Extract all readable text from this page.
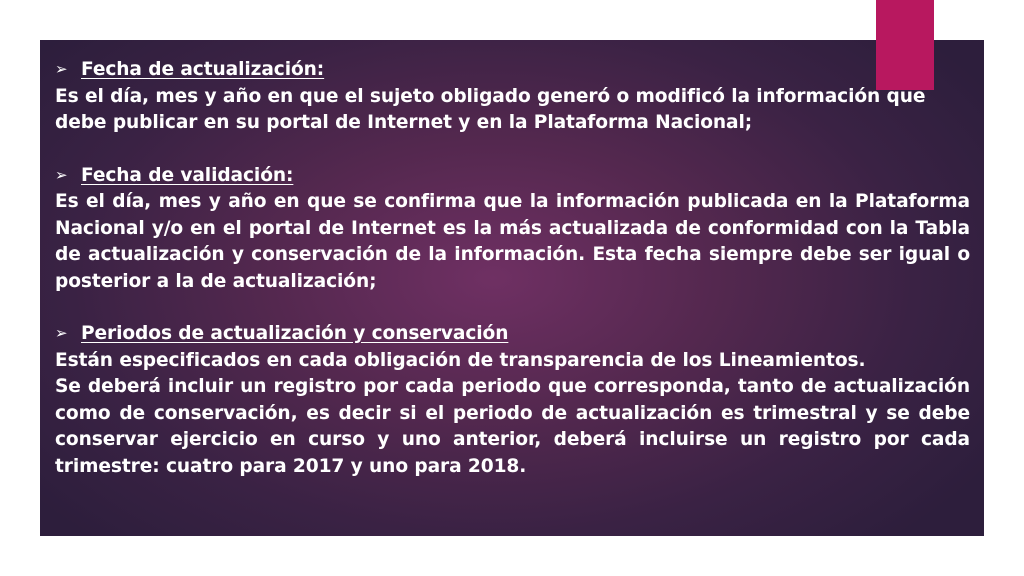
➢ Fecha de actualización:

Es el día, mes y año en que el sujeto obligado generó o modificó la información que debe publicar en su portal de Internet y en la Plataforma Nacional;

➢ Fecha de validación:

Es el día, mes y año en que se confirma que la información publicada en la Plataforma Nacional y/o en el portal de Internet es la más actualizada de conformidad con la Tabla de actualización y conservación de la información. Esta fecha siempre debe ser igual o posterior a la de actualización;

➢ Periodos de actualización y conservación

Están especificados en cada obligación de transparencia de los Lineamientos.

Se deberá incluir un registro por cada periodo que corresponda, tanto de actualización como de conservación, es decir si el periodo de actualización es trimestral y se debe conservar ejercicio en curso y uno anterior, deberá incluirse un registro por cada trimestre: cuatro para 2017 y uno para 2018.
